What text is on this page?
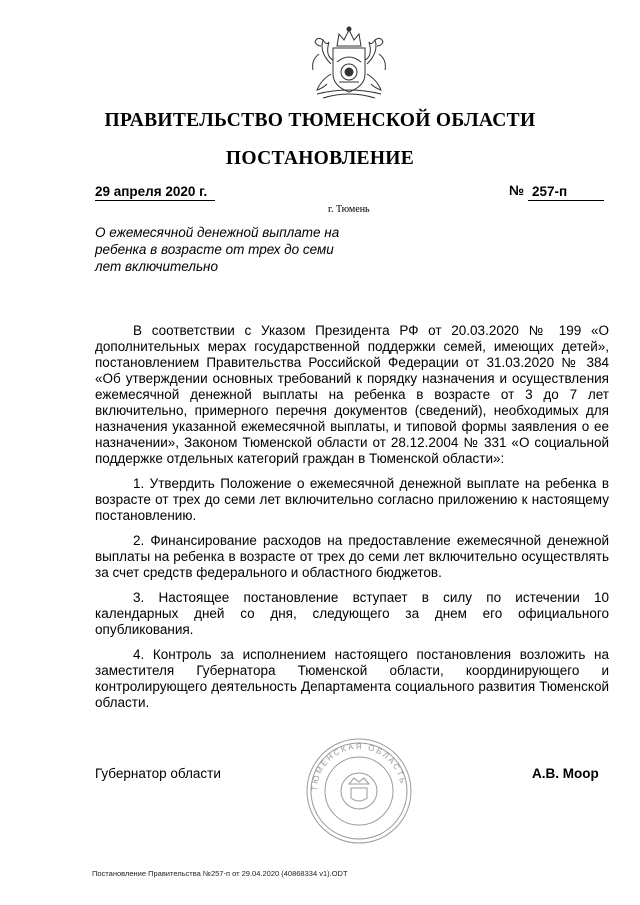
ПРАВИТЕЛЬСТВО ТЮМЕНСКОЙ ОБЛАСТИ
ПОСТАНОВЛЕНИЕ
29 апреля 2020 г.	№ 257-п
г. Тюмень
О ежемесячной денежной выплате на ребенка в возрасте от трех до семи лет включительно

В соответствии с Указом Президента РФ от 20.03.2020 № 199 «О дополнительных мерах государственной поддержки семей, имеющих детей», постановлением Правительства Российской Федерации от 31.03.2020 № 384 «Об утверждении основных требований к порядку назначения и осуществления ежемесячной денежной выплаты на ребенка в возрасте от 3 до 7 лет включительно, примерного перечня документов (сведений), необходимых для назначения указанной ежемесячной выплаты, и типовой формы заявления о ее назначении», Законом Тюменской области от 28.12.2004 № 331 «О социальной поддержке отдельных категорий граждан в Тюменской области»:

1. Утвердить Положение о ежемесячной денежной выплате на ребенка в возрасте от трех до семи лет включительно согласно приложению к настоящему постановлению.

2. Финансирование расходов на предоставление ежемесячной денежной выплаты на ребенка в возрасте от трех до семи лет включительно осуществлять за счет средств федерального и областного бюджетов.

3. Настоящее постановление вступает в силу по истечении 10 календарных дней со дня, следующего за днем его официального опубликования.

4. Контроль за исполнением настоящего постановления возложить на заместителя Губернатора Тюменской области, координирующего и контролирующего деятельность Департамента социального развития Тюменской области.

ТЮМЕНСКАЯ ОБЛАСТЬ
Губернатор области	А.В. Моор
Постановление Правительства №257-п от 29.04.2020 (40868334 v1).ODT
